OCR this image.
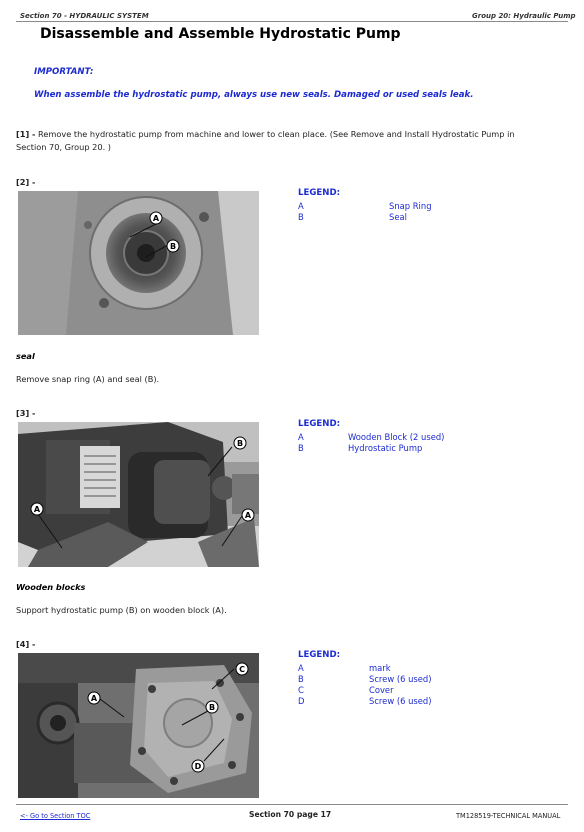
Section 70 - HYDRAULIC SYSTEM	Group 20: Hydraulic Pump
Disassemble and Assemble Hydrostatic Pump
IMPORTANT:
When assemble the hydrostatic pump, always use new seals. Damaged or used seals leak.
[1] - Remove the hydrostatic pump from machine and lower to clean place. (See Remove and Install Hydrostatic Pump in
Section 70, Group 20. )
[2] -
A
B
LEGEND:
A	Snap Ring
B	Seal
seal
Remove snap ring (A) and seal (B).
[3] -
B
A
A
LEGEND:
A	Wooden Block (2 used)
B	Hydrostatic Pump
Wooden blocks
Support hydrostatic pump (B) on wooden block (A).
[4] -
C
A
B
D
LEGEND:
A	mark
B	Screw (6 used)
C	Cover
D	Screw (6 used)
<- Go to Section TOC	Section 70 page 17	TM128519-TECHNICAL MANUAL
